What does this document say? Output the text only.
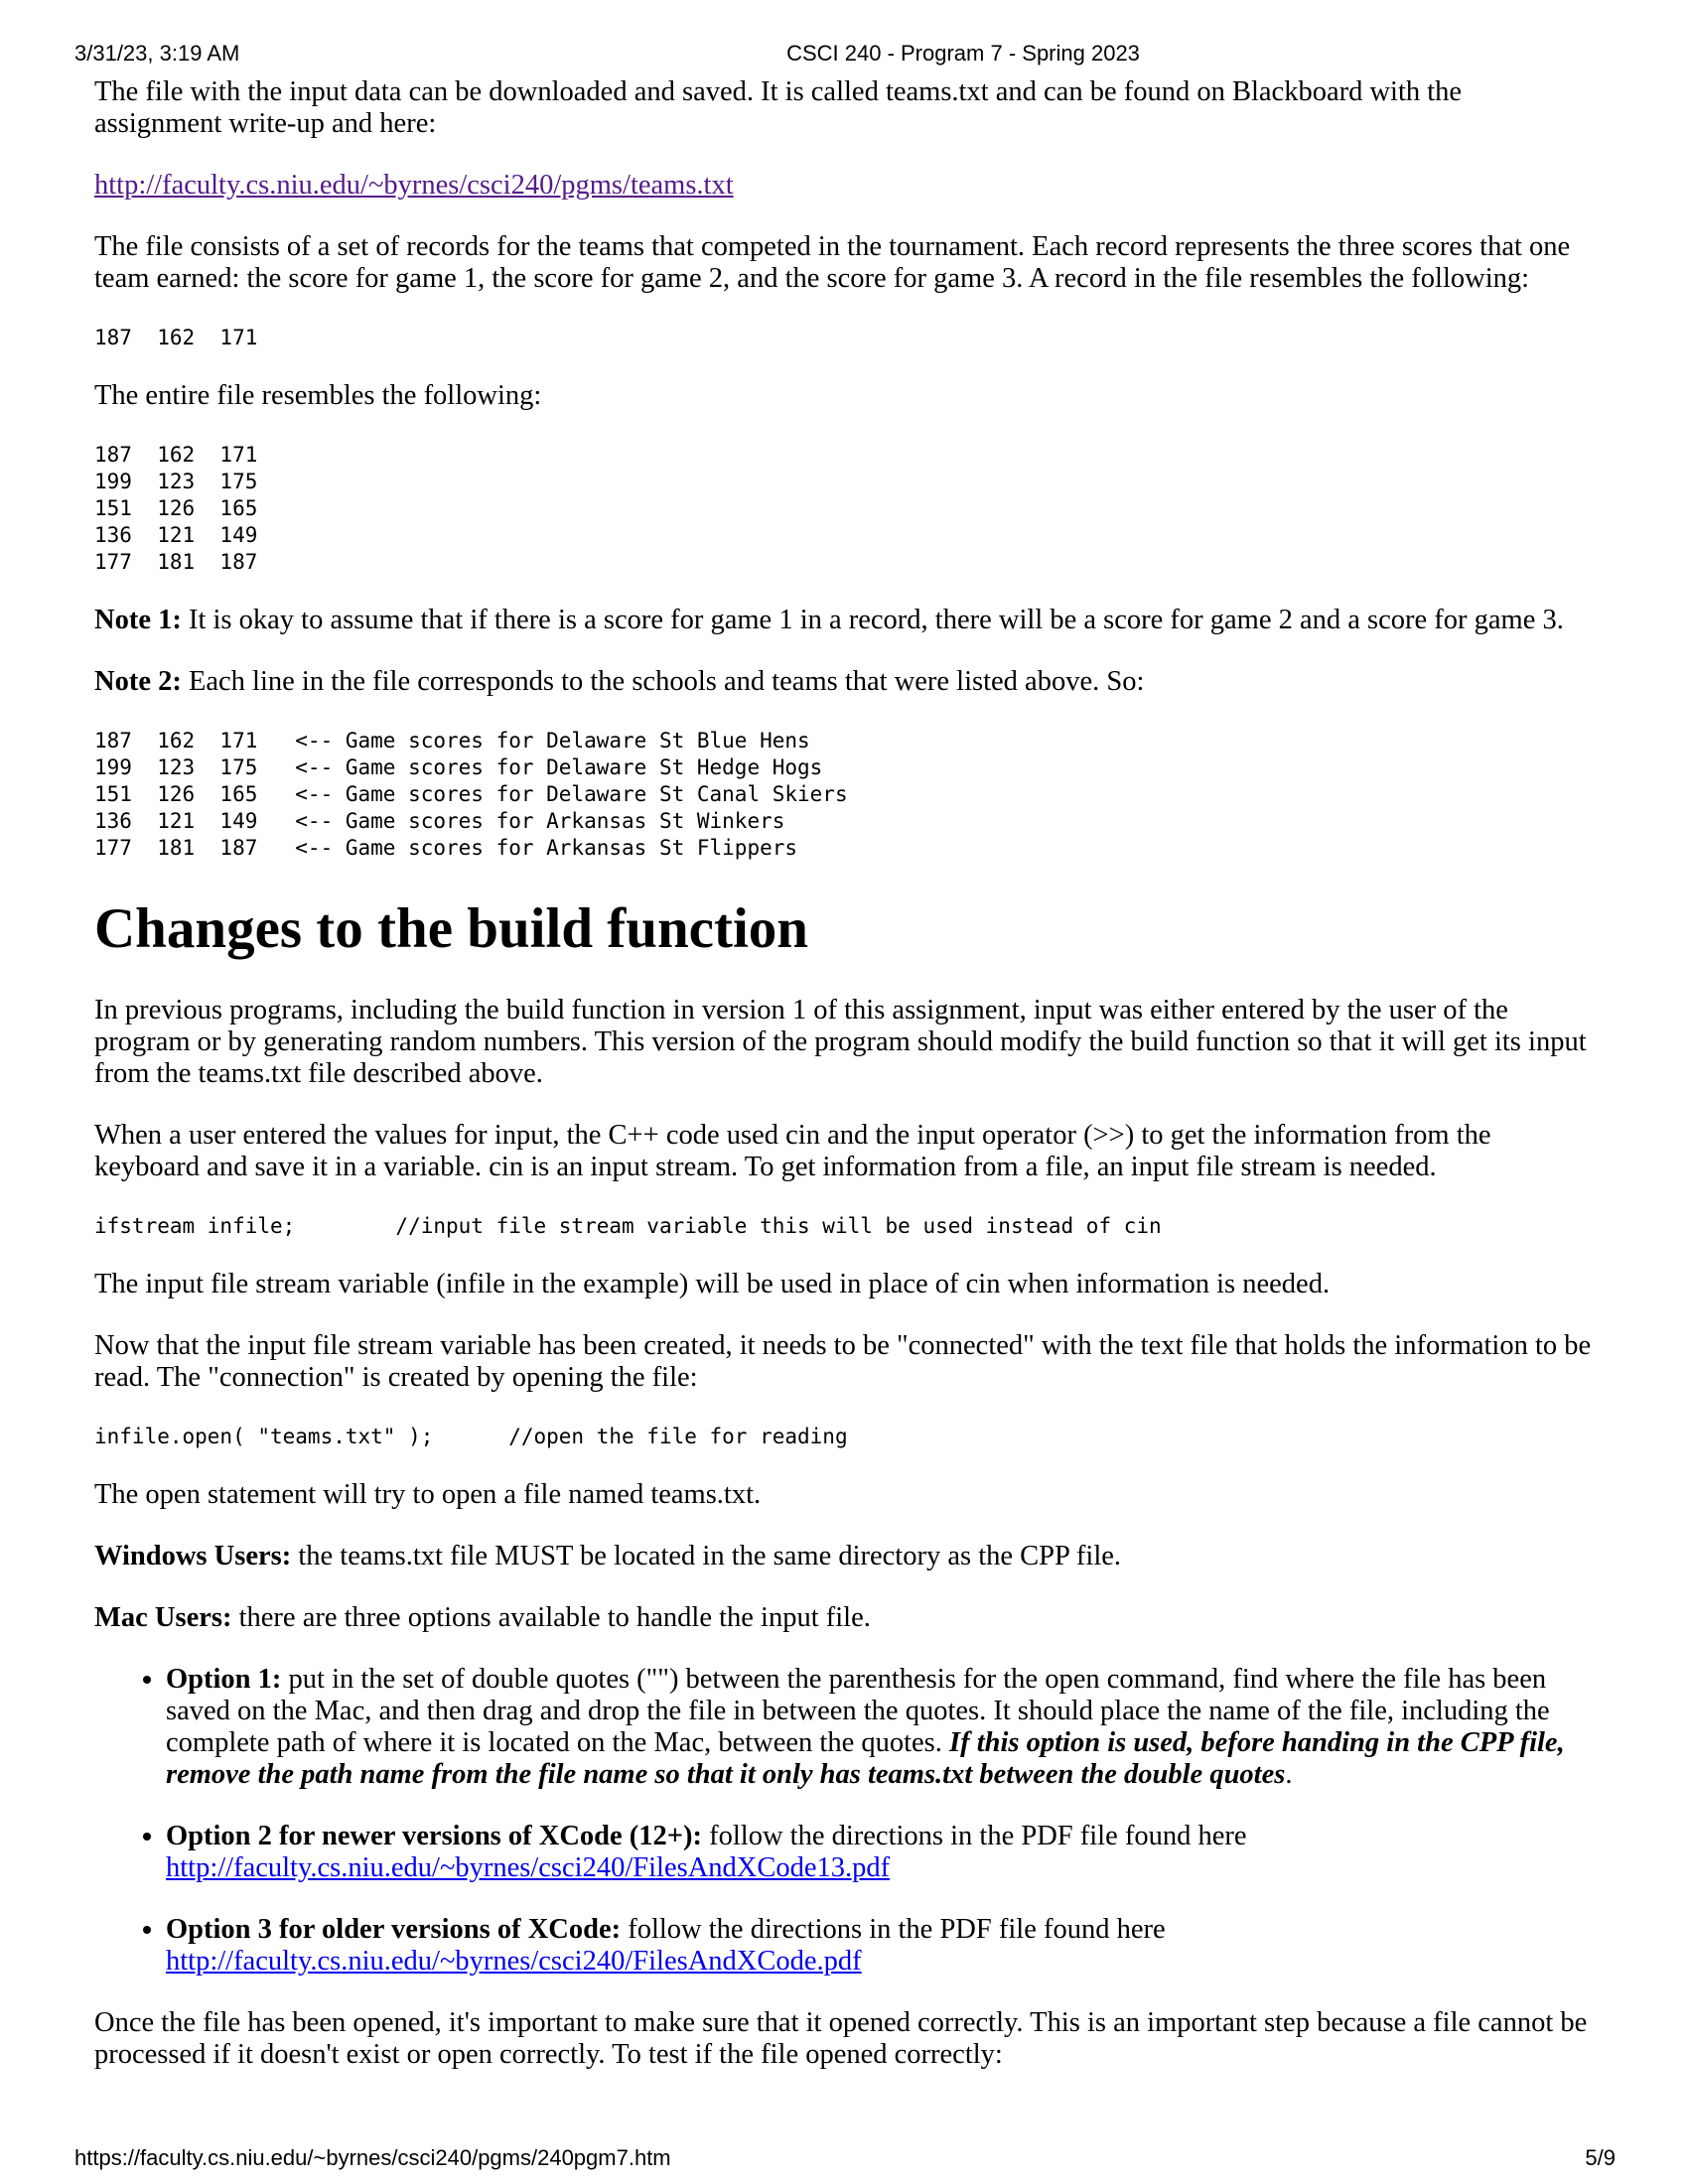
3/31/23, 3:19 AM	CSCI 240 - Program 7 - Spring 2023

The file with the input data can be downloaded and saved. It is called teams.txt and can be found on Blackboard with the assignment write-up and here:

http://faculty.cs.niu.edu/~byrnes/csci240/pgms/teams.txt

The file consists of a set of records for the teams that competed in the tournament. Each record represents the three scores that one team earned: the score for game 1, the score for game 2, and the score for game 3. A record in the file resembles the following:

187  162  171

The entire file resembles the following:

187  162  171
199  123  175
151  126  165
136  121  149
177  181  187

Note 1: It is okay to assume that if there is a score for game 1 in a record, there will be a score for game 2 and a score for game 3.

Note 2: Each line in the file corresponds to the schools and teams that were listed above. So:

187  162  171   <-- Game scores for Delaware St Blue Hens
199  123  175   <-- Game scores for Delaware St Hedge Hogs
151  126  165   <-- Game scores for Delaware St Canal Skiers
136  121  149   <-- Game scores for Arkansas St Winkers
177  181  187   <-- Game scores for Arkansas St Flippers
Changes to the build function

In previous programs, including the build function in version 1 of this assignment, input was either entered by the user of the program or by generating random numbers. This version of the program should modify the build function so that it will get its input from the teams.txt file described above.

When a user entered the values for input, the C++ code used cin and the input operator (>>) to get the information from the keyboard and save it in a variable. cin is an input stream. To get information from a file, an input file stream is needed.

ifstream infile;        //input file stream variable this will be used instead of cin

The input file stream variable (infile in the example) will be used in place of cin when information is needed.

Now that the input file stream variable has been created, it needs to be "connected" with the text file that holds the information to be read. The "connection" is created by opening the file:

infile.open( "teams.txt" );      //open the file for reading

The open statement will try to open a file named teams.txt.

Windows Users: the teams.txt file MUST be located in the same directory as the CPP file.

Mac Users: there are three options available to handle the input file.

• Option 1: put in the set of double quotes ("") between the parenthesis for the open command, find where the file has been saved on the Mac, and then drag and drop the file in between the quotes. It should place the name of the file, including the complete path of where it is located on the Mac, between the quotes. If this option is used, before handing in the CPP file, remove the path name from the file name so that it only has teams.txt between the double quotes.
• Option 2 for newer versions of XCode (12+): follow the directions in the PDF file found here
http://faculty.cs.niu.edu/~byrnes/csci240/FilesAndXCode13.pdf
• Option 3 for older versions of XCode: follow the directions in the PDF file found here
http://faculty.cs.niu.edu/~byrnes/csci240/FilesAndXCode.pdf

Once the file has been opened, it's important to make sure that it opened correctly. This is an important step because a file cannot be processed if it doesn't exist or open correctly. To test if the file opened correctly:

https://faculty.cs.niu.edu/~byrnes/csci240/pgms/240pgm7.htm	5/9
